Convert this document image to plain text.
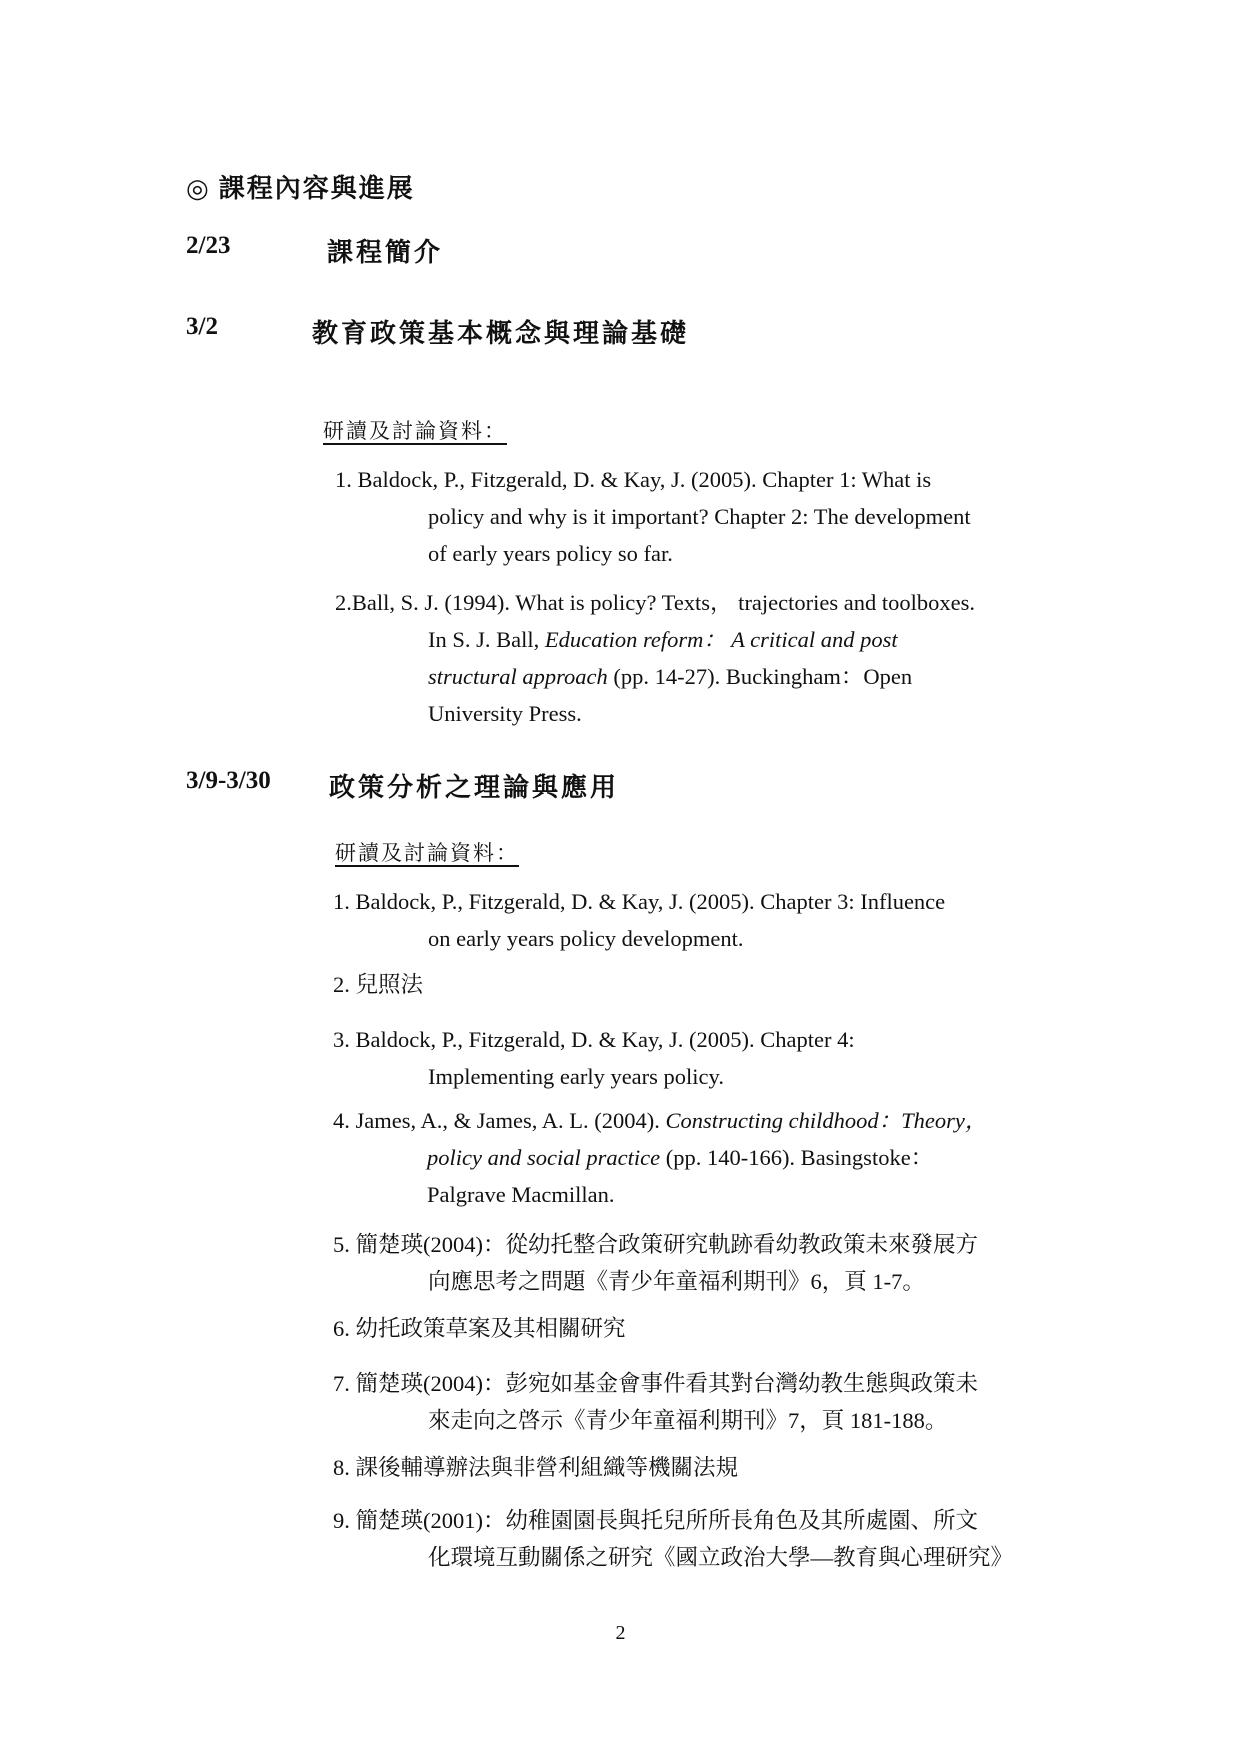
◎ 課程內容與進展
2/23	課程簡介
3/2	教育政策基本概念與理論基礎
研讀及討論資料：
1. Baldock, P., Fitzgerald, D. & Kay, J. (2005). Chapter 1: What is
policy and why is it important? Chapter 2: The development
of early years policy so far.
2.Ball, S. J. (1994). What is policy? Texts， trajectories and toolboxes.
In S. J. Ball, Education reform： A critical and post
structural approach (pp. 14-27). Buckingham：Open
University Press.
3/9-3/30 政策分析之理論與應用
研讀及討論資料：
1. Baldock, P., Fitzgerald, D. & Kay, J. (2005). Chapter 3: Influence
on early years policy development.
2. 兒照法
3. Baldock, P., Fitzgerald, D. & Kay, J. (2005). Chapter 4:
Implementing early years policy.
4. James, A., & James, A. L. (2004). Constructing childhood：Theory，
policy and social practice (pp. 140-166). Basingstoke：
Palgrave Macmillan.
5. 簡楚瑛(2004)：從幼托整合政策研究軌跡看幼教政策未來發展方
向應思考之問題《青少年童福利期刊》6，頁 1-7。
6. 幼托政策草案及其相關研究
7. 簡楚瑛(2004)：彭宛如基金會事件看其對台灣幼教生態與政策未
來走向之啓示《青少年童福利期刊》7，頁 181-188。
8. 課後輔導辦法與非營利組織等機關法規
9. 簡楚瑛(2001)：幼稚園園長與托兒所所長角色及其所處園、所文
化環境互動關係之研究《國立政治大學—教育與心理研究》
2
